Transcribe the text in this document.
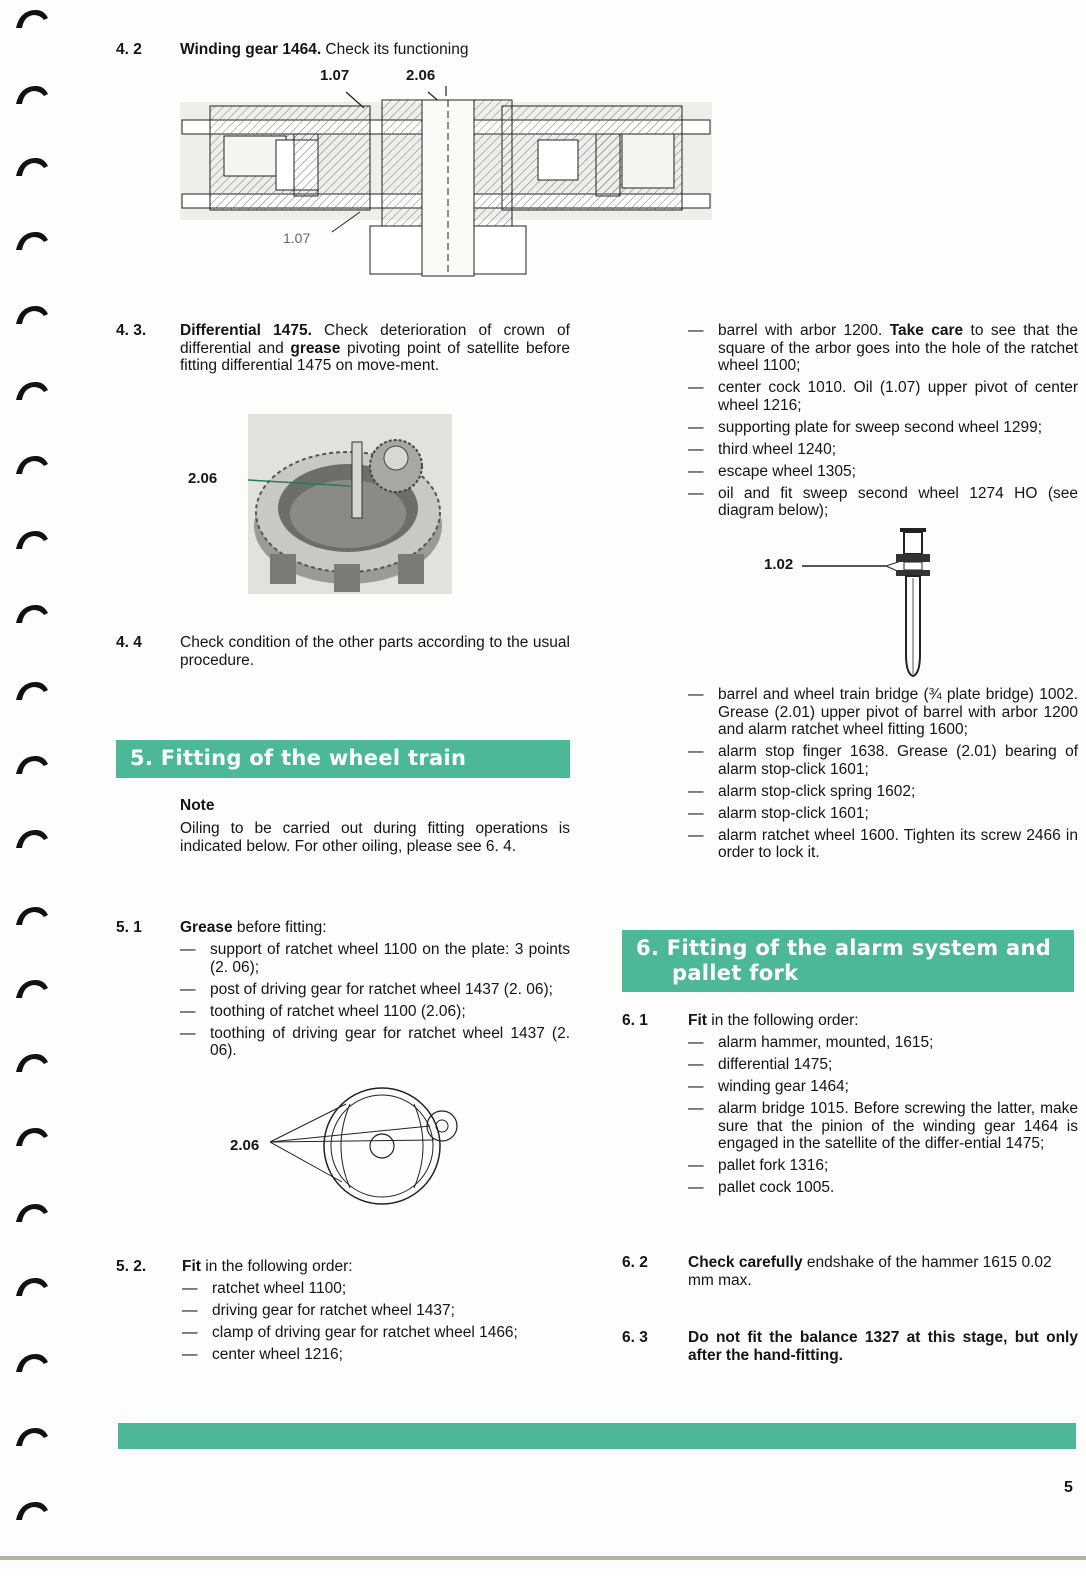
4. 2 Winding gear 1464. Check its functioning
1.07	2.06
1.07
4. 3. Differential 1475. Check deterioration of crown of differential and grease pivoting point of satellite before fitting differential 1475 on move-ment.
2.06
4. 4 Check condition of the other parts according to the usual procedure.
5. Fitting of the wheel train
Note
Oiling to be carried out during fitting operations is indicated below. For other oiling, please see 6. 4.
5. 1 Grease before fitting:
— support of ratchet wheel 1100 on the plate: 3 points (2. 06);
— post of driving gear for ratchet wheel 1437 (2. 06);
— toothing of ratchet wheel 1100 (2.06);
— toothing of driving gear for ratchet wheel 1437 (2. 06).
2.06
5. 2. Fit in the following order:
— ratchet wheel 1100;
— driving gear for ratchet wheel 1437;
— clamp of driving gear for ratchet wheel 1466;
— center wheel 1216;
— barrel with arbor 1200. Take care to see that the square of the arbor goes into the hole of the ratchet wheel 1100;
— center cock 1010. Oil (1.07) upper pivot of center wheel 1216;
— supporting plate for sweep second wheel 1299;
— third wheel 1240;
— escape wheel 1305;
— oil and fit sweep second wheel 1274 HO (see diagram below);
1.02
— barrel and wheel train bridge (¾ plate bridge) 1002. Grease (2.01) upper pivot of barrel with arbor 1200 and alarm ratchet wheel fitting 1600;
— alarm stop finger 1638. Grease (2.01) bearing of alarm stop-click 1601;
— alarm stop-click spring 1602;
— alarm stop-click 1601;
— alarm ratchet wheel 1600. Tighten its screw 2466 in order to lock it.
6. Fitting of the alarm system and
pallet fork
6. 1	Fit in the following order:
— alarm hammer, mounted, 1615;
— differential 1475;
— winding gear 1464;
— alarm bridge 1015. Before screwing the latter, make sure that the pinion of the winding gear 1464 is engaged in the satellite of the differ-ential 1475;
— pallet fork 1316;
— pallet cock 1005.
6. 2	Check carefully endshake of the hammer 1615 0.02 mm max.
6. 3	Do not fit the balance 1327 at this stage, but only after the hand-fitting.
5
